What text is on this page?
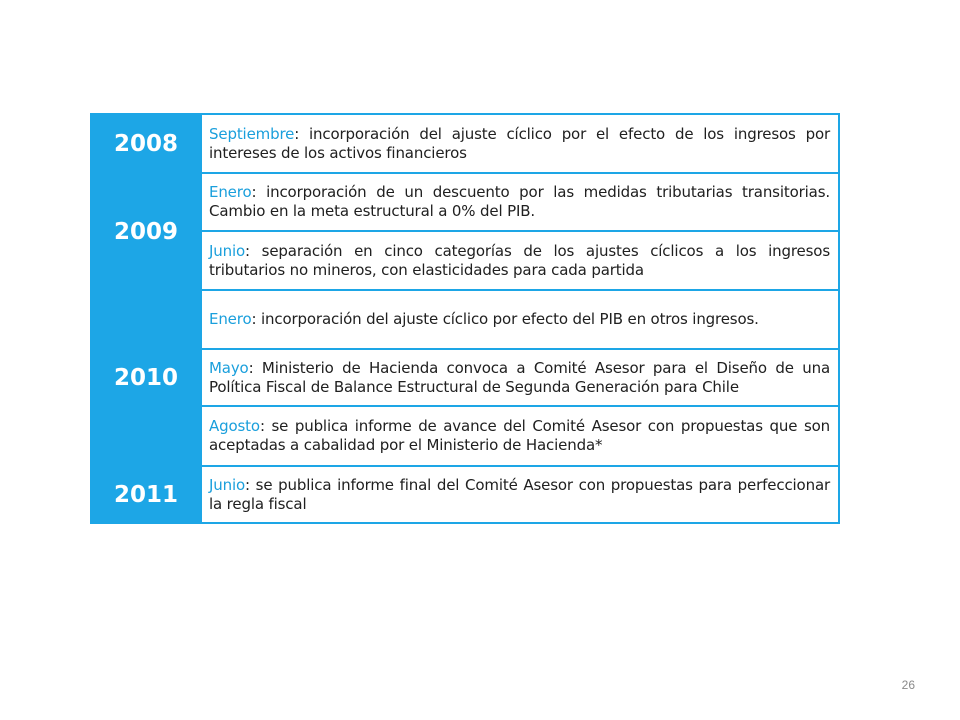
2008	Septiembre: incorporación del ajuste cíclico por el efecto de los ingresos por intereses de los activos financieros
2009
Enero: incorporación de un descuento por las medidas tributarias transitorias. Cambio en la meta estructural a 0% del PIB.
Junio: separación en cinco categorías de los ajustes cíclicos a los ingresos tributarios no mineros, con elasticidades para cada partida
2010
Enero: incorporación del ajuste cíclico por efecto del PIB en otros ingresos.
Mayo: Ministerio de Hacienda convoca a Comité Asesor para el Diseño de una Política Fiscal de Balance Estructural de Segunda Generación para Chile
Agosto: se publica informe de avance del Comité Asesor con propuestas que son aceptadas a cabalidad por el Ministerio de Hacienda*
2011	Junio: se publica informe final del Comité Asesor con propuestas para perfeccionar la regla fiscal
26
